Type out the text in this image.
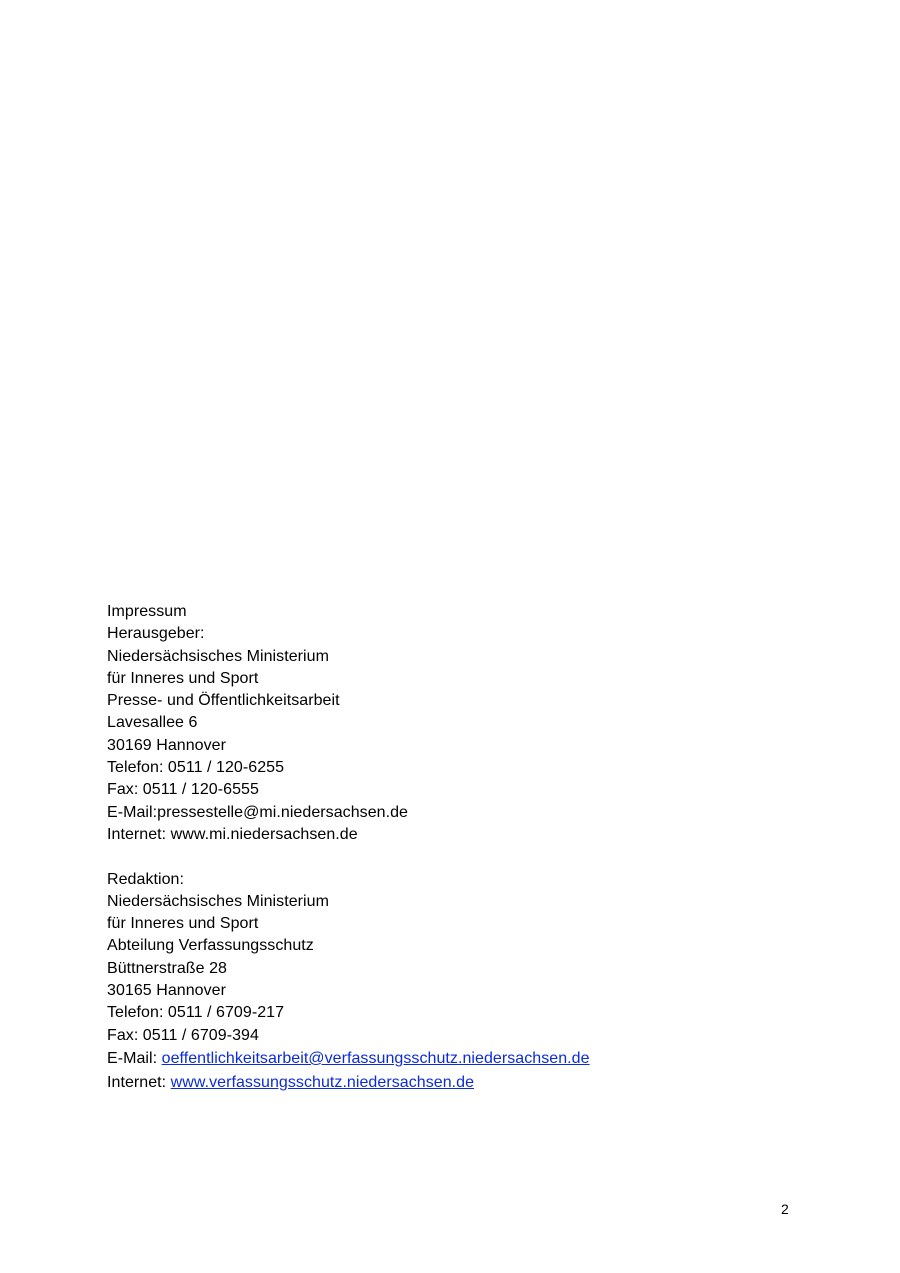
Impressum
Herausgeber:
Niedersächsisches Ministerium
für Inneres und Sport
Presse- und Öffentlichkeitsarbeit
Lavesallee 6
30169 Hannover
Telefon: 0511 / 120-6255
Fax: 0511 / 120-6555
E-Mail:pressestelle@mi.niedersachsen.de
Internet: www.mi.niedersachsen.de
Redaktion:
Niedersächsisches Ministerium
für Inneres und Sport
Abteilung Verfassungsschutz
Büttnerstraße 28
30165 Hannover
Telefon: 0511 / 6709-217
Fax: 0511 / 6709-394
E-Mail: oeffentlichkeitsarbeit@verfassungsschutz.niedersachsen.de
Internet: www.verfassungsschutz.niedersachsen.de
2
